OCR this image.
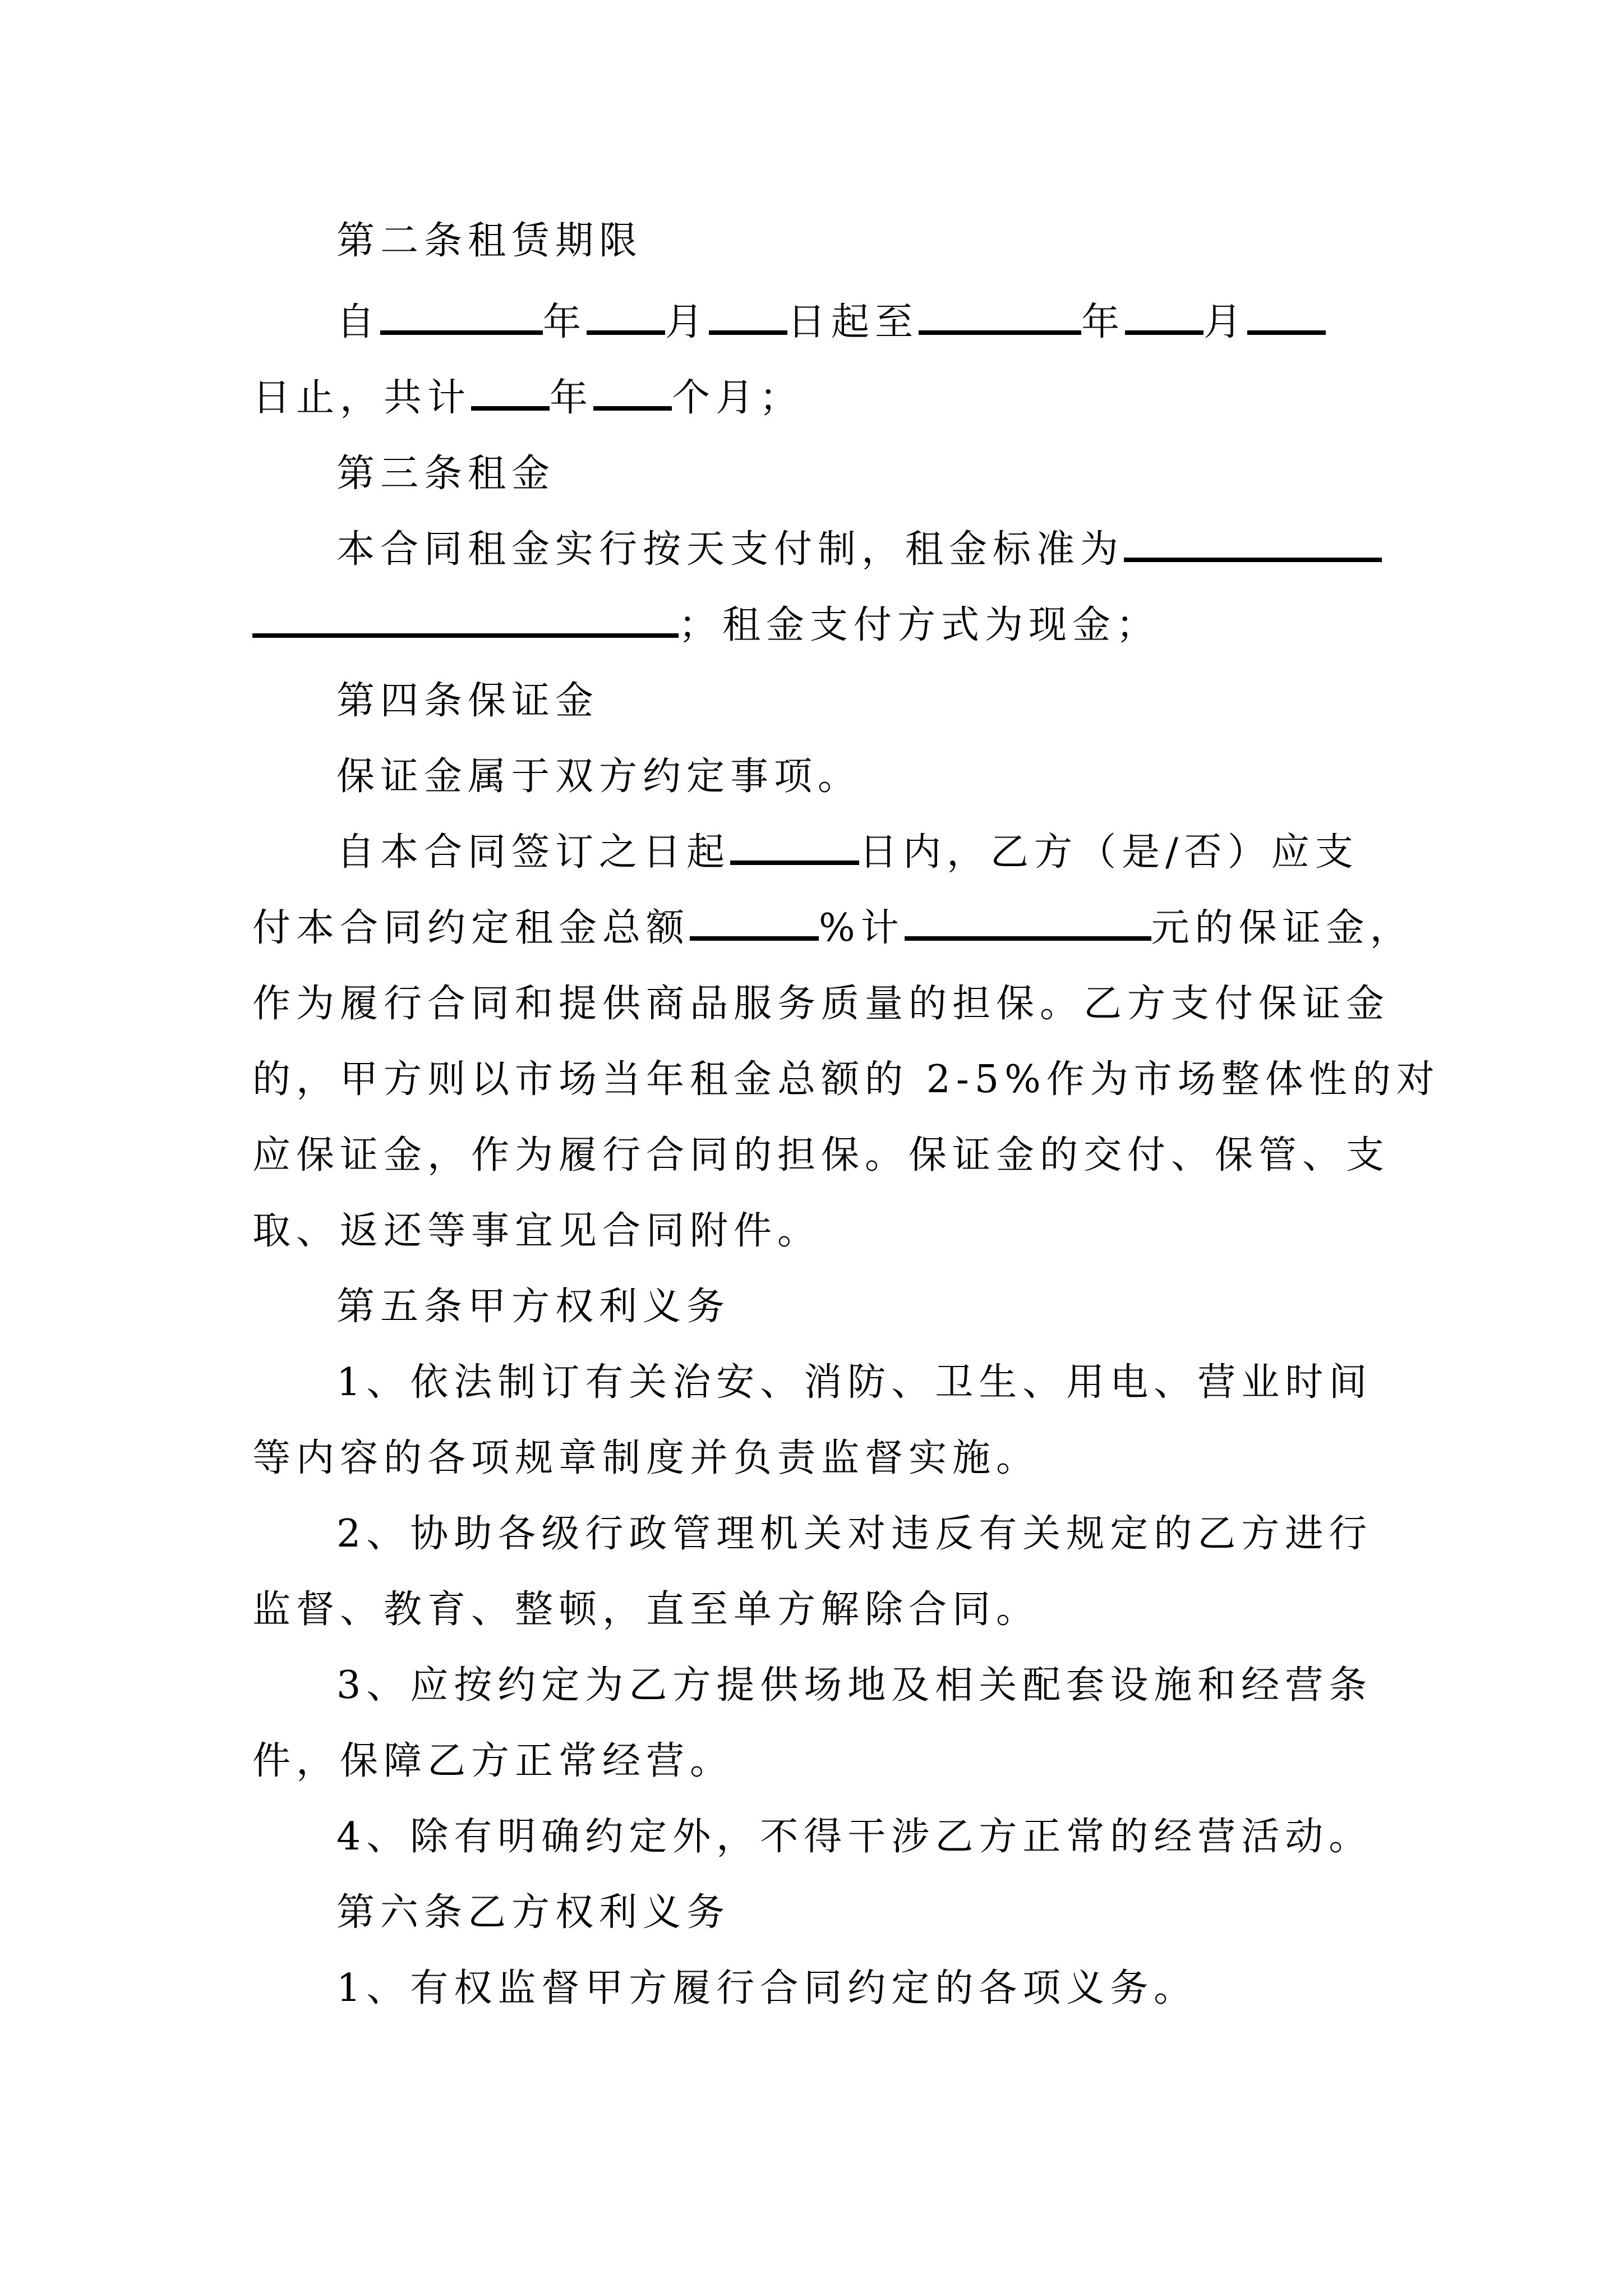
第二条租赁期限
自	年 月 日起至	年 月
日止，共计 年 个月；
第三条租金
本合同租金实行按天支付制，租金标准为
；租金支付方式为现金；
第四条保证金
保证金属于双方约定事项。
自本合同签订之日起	日内，乙方（是/否）应支
付本合同约定租金总额	%计	元的保证金，
作为履行合同和提供商品服务质量的担保。乙方支付保证金
的，甲方则以市场当年租金总额的 2-5%作为市场整体性的对
应保证金，作为履行合同的担保。保证金的交付、保管、支
取、返还等事宜见合同附件。
第五条甲方权利义务
1、依法制订有关治安、消防、卫生、用电、营业时间
等内容的各项规章制度并负责监督实施。
2、协助各级行政管理机关对违反有关规定的乙方进行
监督、教育、整顿，直至单方解除合同。
3、应按约定为乙方提供场地及相关配套设施和经营条
件，保障乙方正常经营。
4、除有明确约定外，不得干涉乙方正常的经营活动。
第六条乙方权利义务
1、有权监督甲方履行合同约定的各项义务。
